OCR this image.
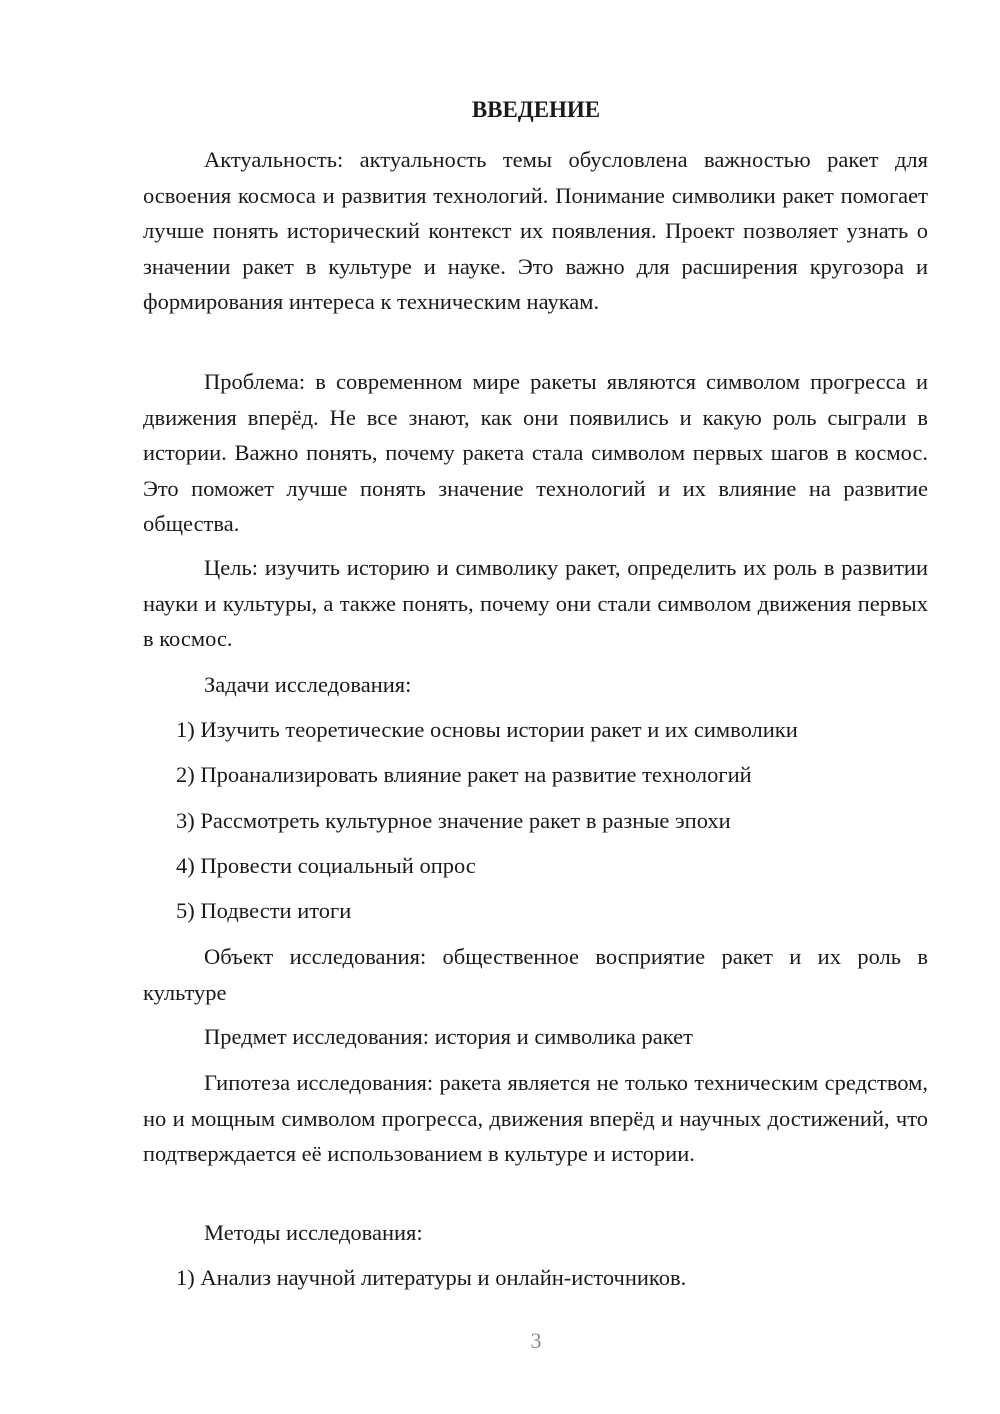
ВВЕДЕНИЕ

Актуальность: актуальность темы обусловлена важностью ракет для освоения космоса и развития технологий. Понимание символики ракет помогает лучше понять исторический контекст их появления. Проект позволяет узнать о значении ракет в культуре и науке. Это важно для расширения кругозора и формирования интереса к техническим наукам.

Проблема: в современном мире ракеты являются символом прогресса и движения вперёд. Не все знают, как они появились и какую роль сыграли в истории. Важно понять, почему ракета стала символом первых шагов в космос. Это поможет лучше понять значение технологий и их влияние на развитие общества.

Цель: изучить историю и символику ракет, определить их роль в развитии науки и культуры, а также понять, почему они стали символом движения первых в космос.

Задачи исследования:

1) Изучить теоретические основы истории ракет и их символики

2) Проанализировать влияние ракет на развитие технологий

3) Рассмотреть культурное значение ракет в разные эпохи

4) Провести социальный опрос

5) Подвести итоги

Объект исследования: общественное восприятие ракет и их роль в культуре

Предмет исследования: история и символика ракет

Гипотеза исследования: ракета является не только техническим средством, но и мощным символом прогресса, движения вперёд и научных достижений, что подтверждается её использованием в культуре и истории.

Методы исследования:

1) Анализ научной литературы и онлайн-источников.

3
